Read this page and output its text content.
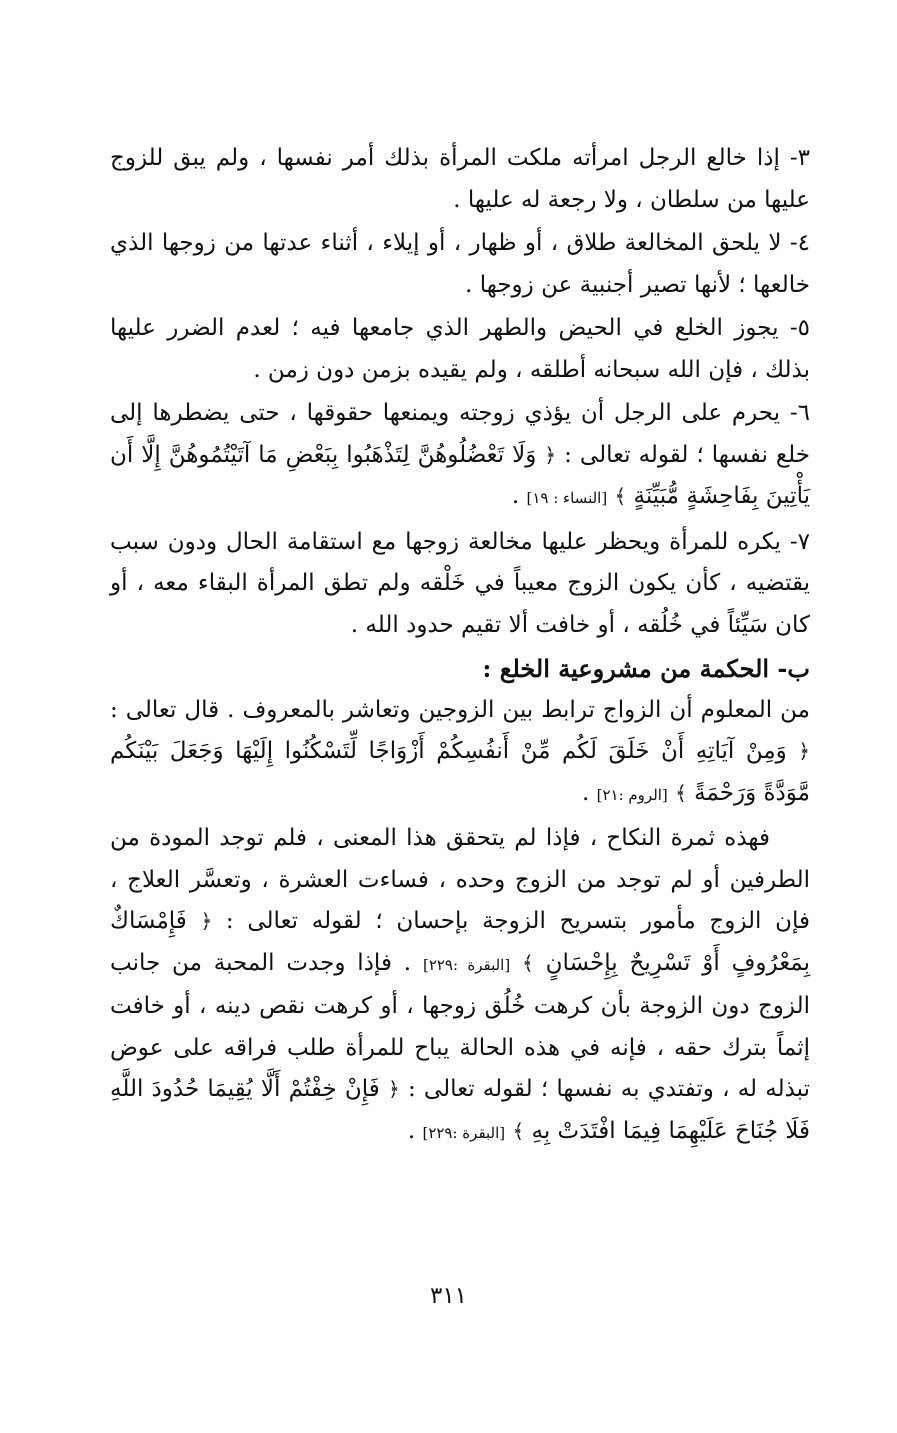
٣- إذا خالع الرجل امرأته ملكت المرأة بذلك أمر نفسها ، ولم يبق للزوج عليها من سلطان ، ولا رجعة له عليها .

٤- لا يلحق المخالعة طلاق ، أو ظهار ، أو إيلاء ، أثناء عدتها من زوجها الذي خالعها ؛ لأنها تصير أجنبية عن زوجها .

٥- يجوز الخلع في الحيض والطهر الذي جامعها فيه ؛ لعدم الضرر عليها بذلك ، فإن الله سبحانه أطلقه ، ولم يقيده بزمن دون زمن .

٦- يحرم على الرجل أن يؤذي زوجته ويمنعها حقوقها ، حتى يضطرها إلى خلع نفسها ؛ لقوله تعالى : ﴿ وَلَا تَعْضُلُوهُنَّ لِتَذْهَبُوا بِبَعْضِ مَا آتَيْتُمُوهُنَّ إِلَّا أَن يَأْتِينَ بِفَاحِشَةٍ مُّبَيِّنَةٍ ﴾ [النساء : ١٩] .

٧- يكره للمرأة ويحظر عليها مخالعة زوجها مع استقامة الحال ودون سبب يقتضيه ، كأن يكون الزوج معيباً في خَلْقه ولم تطق المرأة البقاء معه ، أو كان سَيِّئاً في خُلُقه ، أو خافت ألا تقيم حدود الله .

ب- الحكمة من مشروعية الخلع :

من المعلوم أن الزواج ترابط بين الزوجين وتعاشر بالمعروف . قال تعالى : ﴿ وَمِنْ آيَاتِهِ أَنْ خَلَقَ لَكُم مِّنْ أَنفُسِكُمْ أَزْوَاجًا لِّتَسْكُنُوا إِلَيْهَا وَجَعَلَ بَيْنَكُم مَّوَدَّةً وَرَحْمَةً ﴾ [الروم :٢١] .

فهذه ثمرة النكاح ، فإذا لم يتحقق هذا المعنى ، فلم توجد المودة من الطرفين أو لم توجد من الزوج وحده ، فساءت العشرة ، وتعسَّر العلاج ، فإن الزوج مأمور بتسريح الزوجة بإحسان ؛ لقوله تعالى : ﴿ فَإِمْسَاكٌ بِمَعْرُوفٍ أَوْ تَسْرِيحٌ بِإِحْسَانٍ ﴾ [البقرة :٢٢٩] . فإذا وجدت المحبة من جانب الزوج دون الزوجة بأن كرهت خُلُق زوجها ، أو كرهت نقص دينه ، أو خافت إثماً بترك حقه ، فإنه في هذه الحالة يباح للمرأة طلب فراقه على عوض تبذله له ، وتفتدي به نفسها ؛ لقوله تعالى : ﴿ فَإِنْ خِفْتُمْ أَلَّا يُقِيمَا حُدُودَ اللَّهِ فَلَا جُنَاحَ عَلَيْهِمَا فِيمَا افْتَدَتْ بِهِ ﴾ [البقرة :٢٢٩] .

٣١١
